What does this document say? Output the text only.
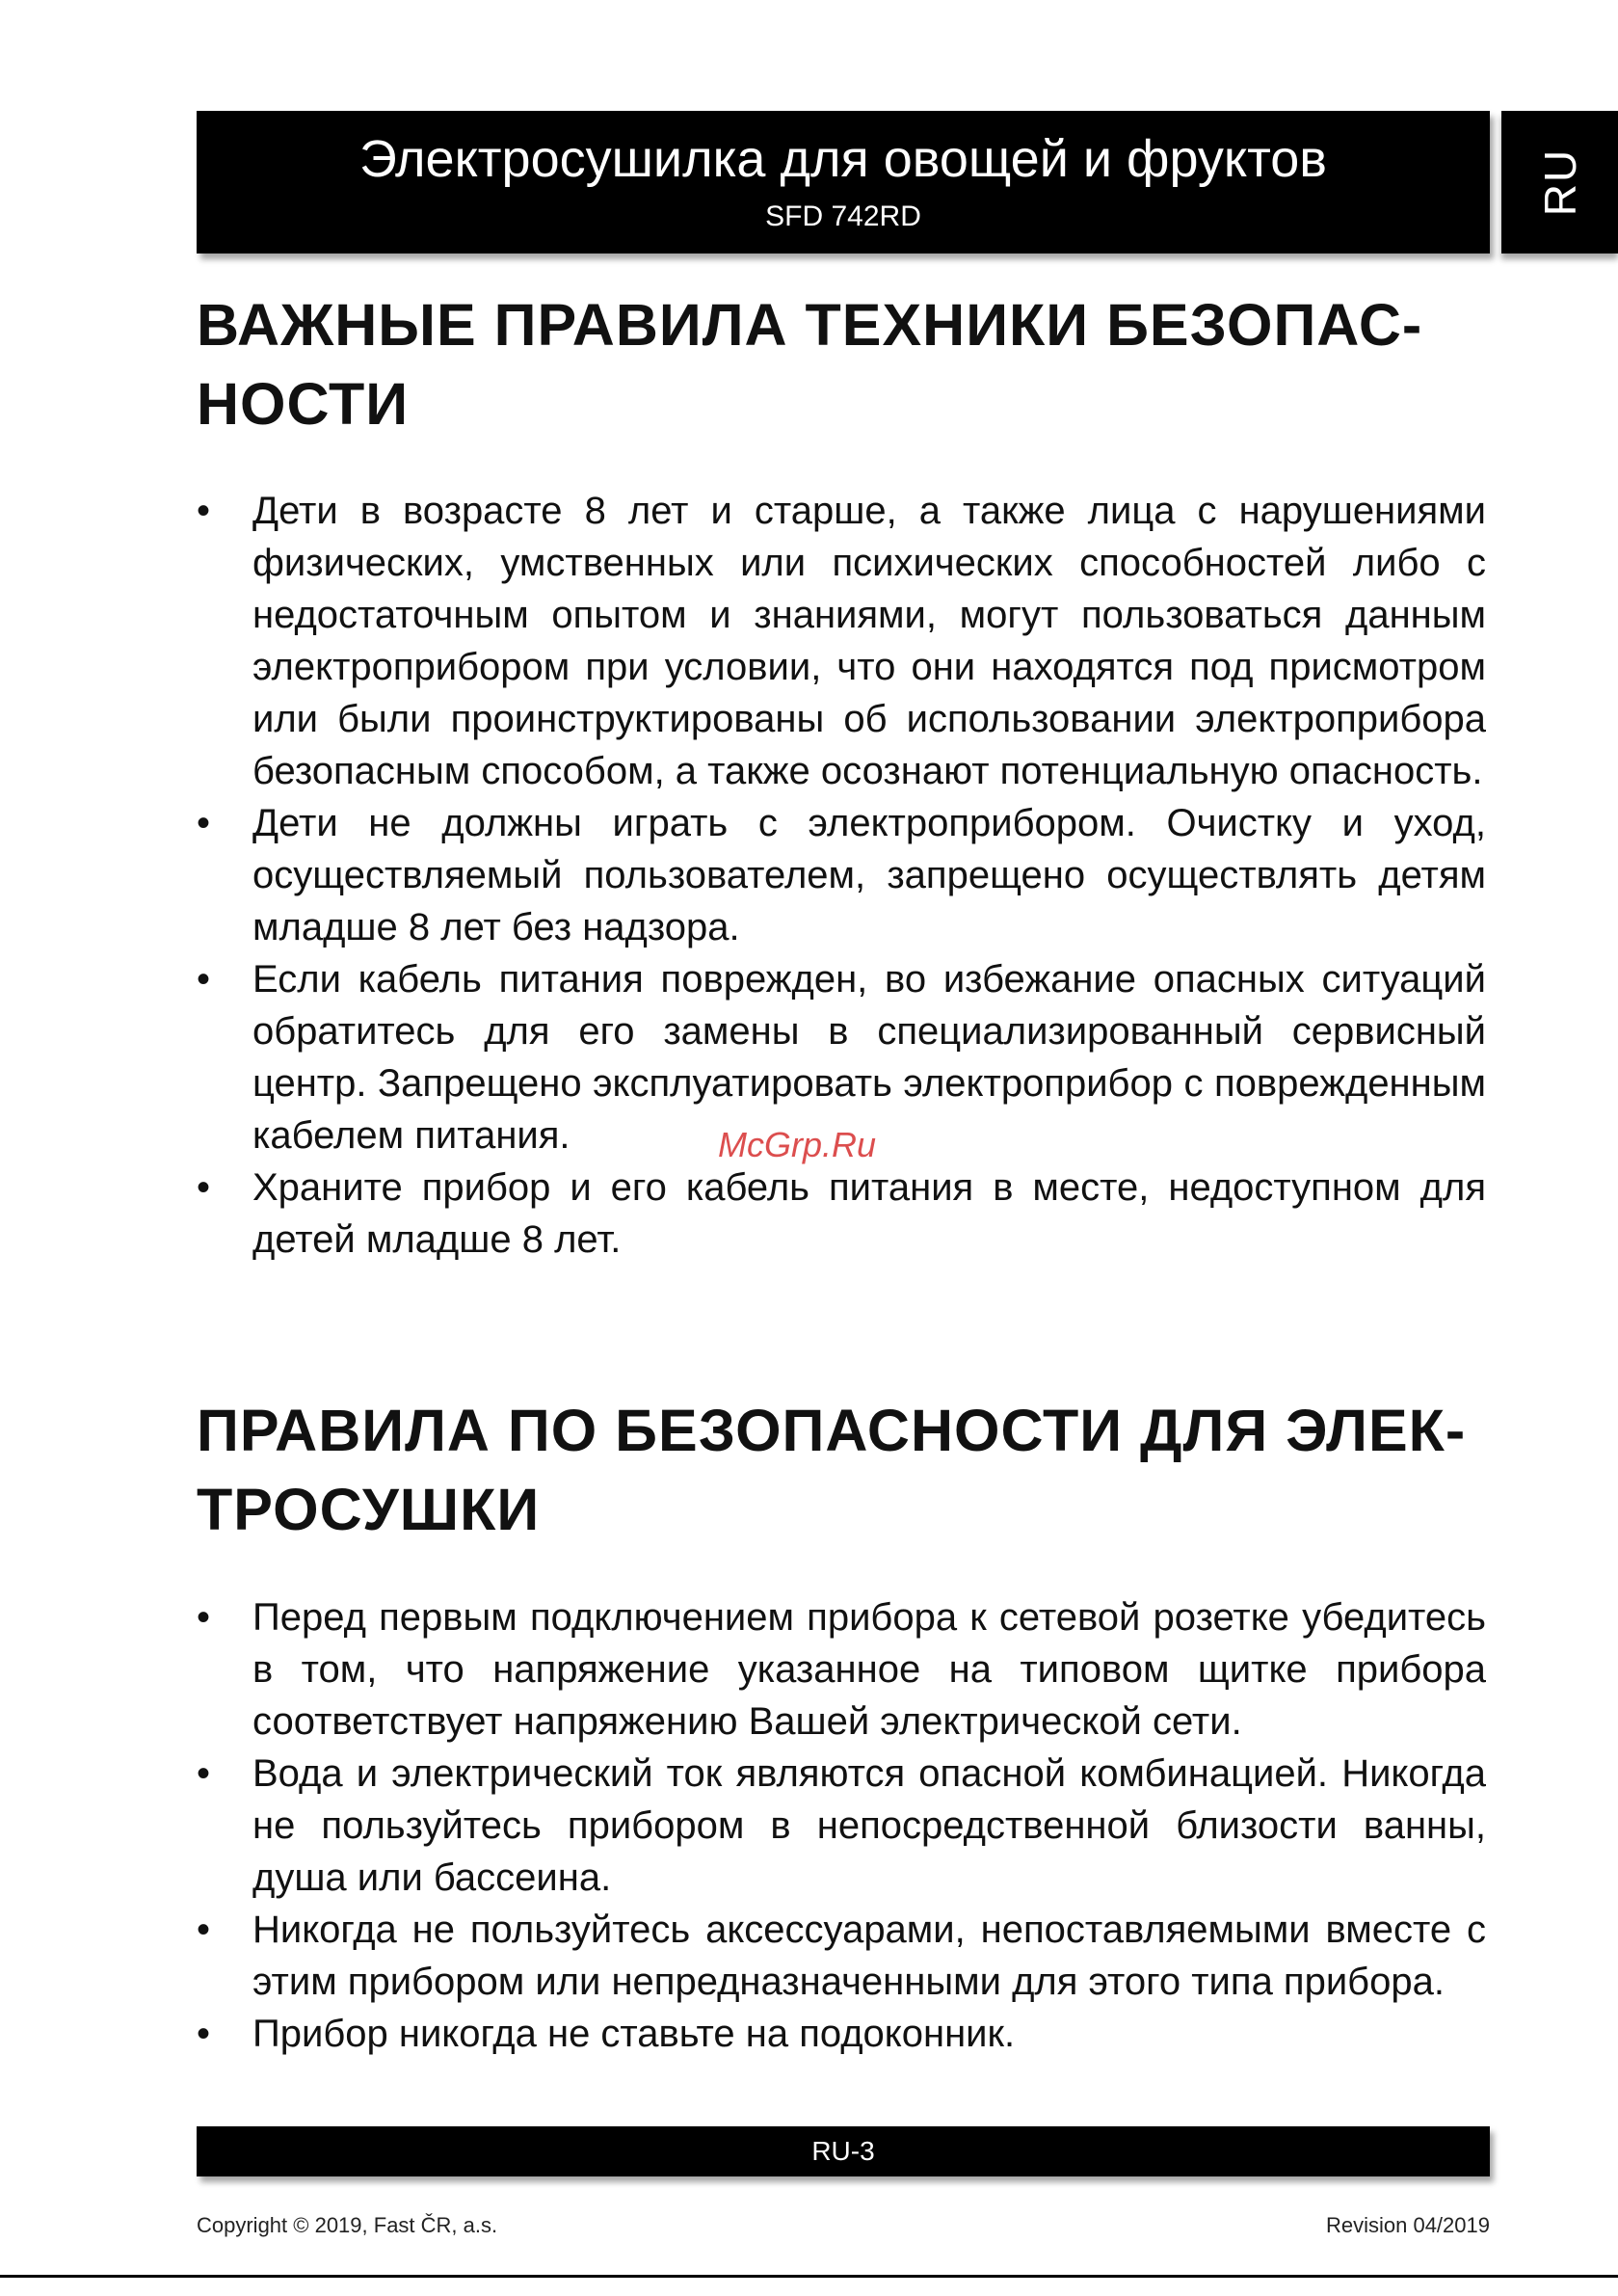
Электросушилка для овощей и фруктов
SFD 742RD
RU
ВАЖНЫЕ ПРАВИЛА ТЕХНИКИ БЕЗОПАС-НОСТИ
•	Дети в возрасте 8 лет и старше, а также лица с нарушениями физических, умственных или психических способностей либо с недостаточным опытом и знаниями, могут пользоваться данным электроприбором при условии, что они находятся под присмотром или были проинструктированы об использовании электроприбора безопасным способом, а также осознают потенциальную опасность.
•	Дети не должны играть с электроприбором. Очистку и уход, осуществляемый пользователем, запрещено осуществлять детям младше 8 лет без надзора.
•	Если кабель питания поврежден, во избежание опасных ситуаций обратитесь для его замены в специализированный сервисный центр. Запрещено эксплуатировать электроприбор с поврежденным кабелем питания.
•	Храните прибор и его кабель питания в месте, недоступном для детей младше 8 лет.
McGrp.Ru
ПРАВИЛА ПО БЕЗОПАСНОСТИ ДЛЯ ЭЛЕК-ТРОСУШКИ
•	Перед первым подключением прибора к сетевой розетке убедитесь в том, что напряжение указанное на типовом щитке прибора соответствует напряжению Вашей электрической сети.
•	Вода и электрический ток являются опасной комбинацией. Никогда не пользуйтесь прибором в непосредственной близости ванны, душа или бассеина.
•	Никогда не пользуйтесь аксессуарами, непоставляемыми вместе с этим прибором или непредназначенными для этого типа прибора.
•	Прибор никогда не ставьте на подоконник.
RU-3
Copyright © 2019, Fast ČR, a.s.	Revision 04/2019
